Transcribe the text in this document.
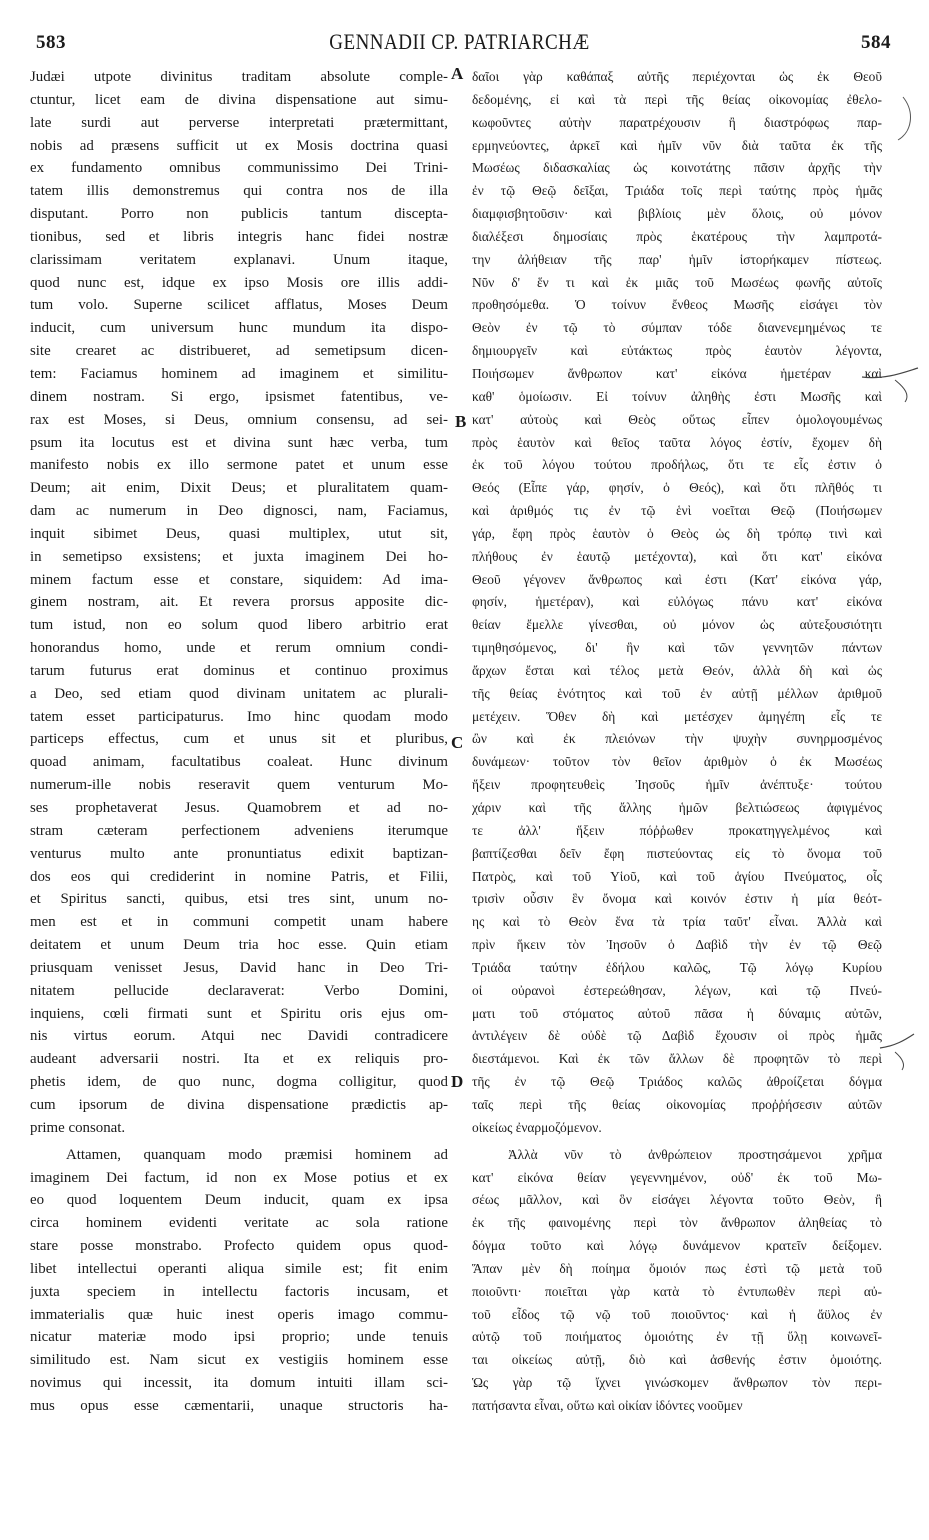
583	GENNADII CP. PATRIARCHÆ	584
A
B
C
D
Judæi utpote divinitus traditam absolute comple-
ctuntur, licet eam de divina dispensatione aut simu-
late surdi aut perverse interpretati prætermittant,
nobis ad præsens sufficit ut ex Mosis doctrina quasi
ex fundamento omnibus communissimo Dei Trini-
tatem illis demonstremus qui contra nos de illa
disputant. Porro non publicis tantum discepta-
tionibus, sed et libris integris hanc fidei nostræ
clarissimam veritatem explanavi. Unum itaque,
quod nunc est, idque ex ipso Mosis ore illis addi-
tum volo. Superne scilicet afflatus, Moses Deum
inducit, cum universum hunc mundum ita dispo-
site crearet ac distribueret, ad semetipsum dicen-
tem: Faciamus hominem ad imaginem et similitu-
dinem nostram. Si ergo, ipsismet fatentibus, ve-
rax est Moses, si Deus, omnium consensu, ad sei-
psum ita locutus est et divina sunt hæc verba, tum
manifesto nobis ex illo sermone patet et unum esse
Deum; ait enim, Dixit Deus; et pluralitatem quam-
dam ac numerum in Deo dignosci, nam, Faciamus,
inquit sibimet Deus, quasi multiplex, utut sit,
in semetipso exsistens; et juxta imaginem Dei ho-
minem factum esse et constare, siquidem: Ad ima-
ginem nostram, ait. Et revera prorsus apposite dic-
tum istud, non eo solum quod libero arbitrio erat
honorandus homo, unde et rerum omnium condi-
tarum futurus erat dominus et continuo proximus
a Deo, sed etiam quod divinam unitatem ac plurali-
tatem esset participaturus. Imo hinc quodam modo
particeps effectus, cum et unus sit et pluribus,
quoad animam, facultatibus coaleat. Hunc divinum
numerum-ille nobis reseravit quem venturum Mo-
ses prophetaverat Jesus. Quamobrem et ad no-
stram cæteram perfectionem adveniens iterumque
venturus multo ante pronuntiatus edixit baptizan-
dos eos qui crediderint in nomine Patris, et Filii,
et Spiritus sancti, quibus, etsi tres sint, unum no-
men est et in communi competit unam habere
deitatem et unum Deum tria hoc esse. Quin etiam
priusquam venisset Jesus, David hanc in Deo Tri-
nitatem pellucide declaraverat: Verbo Domini,
inquiens, cœli firmati sunt et Spiritu oris ejus om-
nis virtus eorum. Atqui nec Davidi contradicere
audeant adversarii nostri. Ita et ex reliquis pro-
phetis idem, de quo nunc, dogma colligitur, quod
cum ipsorum de divina dispensatione prædictis ap-
prime consonat.
Attamen, quanquam modo præmisi hominem ad
imaginem Dei factum, id non ex Mose potius et ex
eo quod loquentem Deum inducit, quam ex ipsa
circa hominem evidenti veritate ac sola ratione
stare posse monstrabo. Profecto quidem opus quod-
libet intellectui operanti aliqua simile est; fit enim
juxta speciem in intellectu factoris incusam, et
immaterialis quæ huic inest operis imago commu-
nicatur materiæ modo ipsi proprio; unde tenuis
similitudo est. Nam sicut ex vestigiis hominem esse
novimus qui incessit, ita domum intuiti illam sci-
mus opus esse cæmentarii, unaque structoris ha-
δαῖοι γὰρ καθάπαξ αὐτῆς περιέχονται ὡς ἐκ Θεοῦ
δεδομένης, εἰ καὶ τὰ περὶ τῆς θείας οἰκονομίας ἐθελο-
κωφοῦντες αὐτὴν παρατρέχουσιν ἢ διαστρόφως παρ-
ερμηνεύοντες, ἀρκεῖ καὶ ἡμῖν νῦν διὰ ταῦτα ἐκ τῆς
Μωσέως διδασκαλίας ὡς κοινοτάτης πᾶσιν ἀρχῆς τὴν
ἐν τῷ Θεῷ δεῖξαι, Τριάδα τοῖς περὶ ταύτης πρὸς ἡμᾶς
διαμφισβητοῦσιν· καὶ βιβλίοις μὲν ὅλοις, οὐ μόνον
διαλέξεσι δημοσίαις πρὸς ἑκατέρους τὴν λαμπροτά-
την ἀλήθειαν τῆς παρ' ἡμῖν ἱστορήκαμεν πίστεως.
Νῦν δ' ἕν τι καὶ ἐκ μιᾶς τοῦ Μωσέως φωνῆς αὐτοῖς
προθησόμεθα. Ὁ τοίνυν ἔνθεος Μωσῆς εἰσάγει τὸν
Θεὸν ἐν τῷ τὸ σύμπαν τόδε διανενεμημένως τε
δημιουργεῖν καὶ εὐτάκτως πρὸς ἑαυτὸν λέγοντα,
Ποιήσωμεν ἄνθρωπον κατ' εἰκόνα ἡμετέραν καὶ
καθ' ὁμοίωσιν. Εἰ τοίνυν ἀληθὴς ἐστι Μωσῆς καὶ
κατ' αὐτοὺς καὶ Θεὸς οὕτως εἶπεν ὁμολογουμένως
πρὸς ἑαυτὸν καὶ θεῖος ταῦτα λόγος ἐστίν, ἔχομεν δὴ
ἐκ τοῦ λόγου τούτου προδήλως, ὅτι τε εἷς ἐστιν ὁ
Θεός (Εἶπε γάρ, φησίν, ὁ Θεός), καὶ ὅτι πλῆθός τι
καὶ ἀριθμός τις ἐν τῷ ἑνὶ νοεῖται Θεῷ (Ποιήσωμεν
γάρ, ἔφη πρὸς ἑαυτὸν ὁ Θεὸς ὡς δὴ τρόπῳ τινὶ καὶ
πλήθους ἐν ἑαυτῷ μετέχοντα), καὶ ὅτι κατ' εἰκόνα
Θεοῦ γέγονεν ἄνθρωπος καὶ ἐστι (Κατ' εἰκόνα γάρ,
φησίν, ἡμετέραν), καὶ εὐλόγως πάνυ κατ' εἰκόνα
θείαν ἔμελλε γίνεσθαι, οὐ μόνον ὡς αὐτεξουσιότητι
τιμηθησόμενος, δι' ἣν καὶ τῶν γεννητῶν πάντων
ἄρχων ἔσται καὶ τέλος μετὰ Θεόν, ἀλλὰ δὴ καὶ ὡς
τῆς θείας ἑνότητος καὶ τοῦ ἐν αὐτῇ μέλλων ἀριθμοῦ
μετέχειν. Ὅθεν δὴ καὶ μετέσχεν ἀμηγέπη εἷς τε
ὢν καὶ ἐκ πλειόνων τὴν ψυχὴν συνηρμοσμένος
δυνάμεων· τοῦτον τὸν θεῖον ἀριθμὸν ὁ ἐκ Μωσέως
ἥξειν προφητευθεὶς Ἰησοῦς ἡμῖν ἀνέπτυξε· τούτου
χάριν καὶ τῆς ἄλλης ἡμῶν βελτιώσεως ἀφιγμένος
τε ἀλλ' ἥξειν πόῤῥωθεν προκατηγγελμένος καὶ
βαπτίζεσθαι δεῖν ἔφη πιστεύοντας εἰς τὸ ὄνομα τοῦ
Πατρὸς, καὶ τοῦ Υἱοῦ, καὶ τοῦ ἁγίου Πνεύματος, οἷς
τρισὶν οὖσιν ἓν ὄνομα καὶ κοινόν ἐστιν ἡ μία θεότ-
ης καὶ τὸ Θεὸν ἕνα τὰ τρία ταῦτ' εἶναι. Ἀλλὰ καὶ
πρὶν ἥκειν τὸν Ἰησοῦν ὁ Δαβὶδ τὴν ἐν τῷ Θεῷ
Τριάδα ταύτην ἐδήλου καλῶς, Τῷ λόγῳ Κυρίου
οἱ οὐρανοὶ ἐστερεώθησαν, λέγων, καὶ τῷ Πνεύ-
ματι τοῦ στόματος αὐτοῦ πᾶσα ἡ δύναμις αὐτῶν,
ἀντιλέγειν δὲ οὐδὲ τῷ Δαβὶδ ἔχουσιν οἱ πρὸς ἡμᾶς
διεστάμενοι. Καὶ ἐκ τῶν ἄλλων δὲ προφητῶν τὸ περὶ
τῆς ἐν τῷ Θεῷ Τριάδος καλῶς ἀθροίζεται δόγμα
ταῖς περὶ τῆς θείας οἰκονομίας προῤῥήσεσιν αὐτῶν
οἰκείως ἐναρμοζόμενον.
Ἀλλὰ νῦν τὸ ἀνθρώπειον προστησάμενοι χρῆμα
κατ' εἰκόνα θείαν γεγεννημένον, οὐδ' ἐκ τοῦ Μω-
σέως μᾶλλον, καὶ ὃν εἰσάγει λέγοντα τοῦτο Θεὸν, ἢ
ἐκ τῆς φαινομένης περὶ τὸν ἄνθρωπον ἀληθείας τὸ
δόγμα τοῦτο καὶ λόγῳ δυνάμενον κρατεῖν δείξομεν.
Ἅπαν μὲν δὴ ποίημα ὅμοιόν πως ἐστὶ τῷ μετὰ τοῦ
ποιοῦντι· ποιεῖται γὰρ κατὰ τὸ ἐντυπωθὲν περὶ αὐ-
τοῦ εἶδος τῷ νῷ τοῦ ποιοῦντος· καὶ ἡ ἄϋλος ἐν
αὐτῷ τοῦ ποιήματος ὁμοιότης ἐν τῇ ὕλῃ κοινωνεῖ-
ται οἰκείως αὐτῇ, διὸ καὶ ἀσθενής ἐστιν ὁμοιότης.
Ὡς γὰρ τῷ ἴχνει γινώσκομεν ἄνθρωπον τὸν περι-
πατήσαντα εἶναι, οὕτω καὶ οἰκίαν ἰδόντες νοοῦμεν
